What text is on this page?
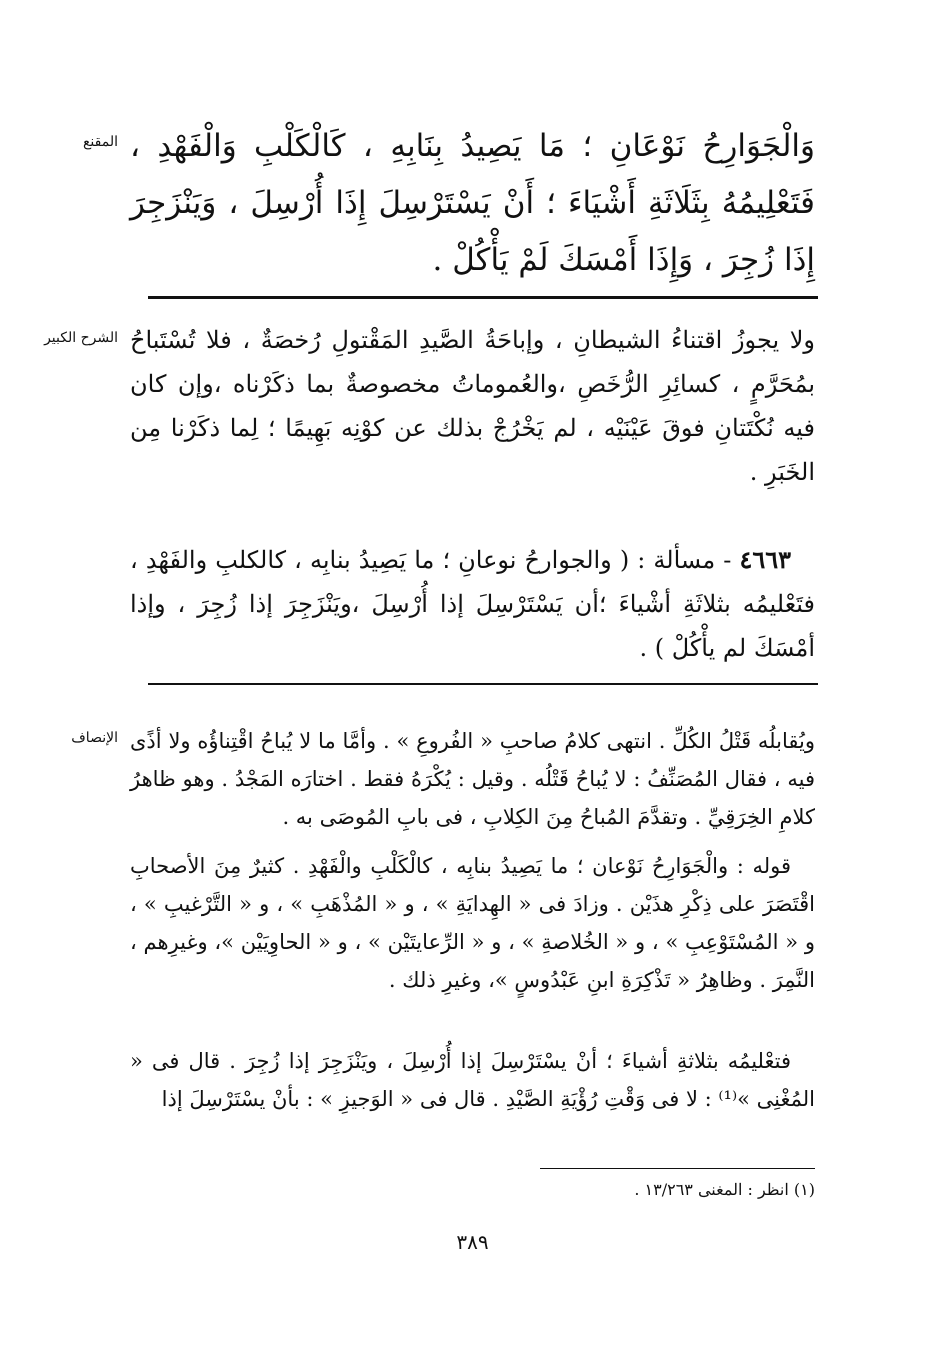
المقنع وَالْجَوَارِحُ نَوْعَانِ ؛ مَا يَصِيدُ بِنَابِهِ ، كَالْكَلْبِ وَالْفَهْدِ ، فَتَعْلِيمُهُ بِثَلَاثَةِ أَشْيَاءَ ؛ أَنْ يَسْتَرْسِلَ إِذَا أُرْسِلَ ، وَيَنْزَجِرَ إِذَا زُجِرَ ، وَإِذَا أَمْسَكَ لَمْ يَأْكُلْ .

الشرح الكبير ولا يجوزُ اقتناءُ الشيطانِ ، وإباحَةُ الصَّيدِ المَقْتولِ رُخصَةٌ ، فلا تُسْتَباحُ بمُحَرَّمٍ ، كسائِرِ الرُّخَصِ ،والعُموماتُ مخصوصةٌ بما ذكَرْناه ،وإن كان فيه نُكْتَتانِ فوقَ عَيْنَيْه ، لم يَخْرُجْ بذلك عن كوْنِه بَهِيمًا ؛ لِما ذكَرْنا مِن الخَبَرِ .

٤٦٦٣ - مسألة : ( والجوارحُ نوعانِ ؛ ما يَصِيدُ بنابِه ، كالكلبِ والفَهْدِ ، فتَعْليمُه بثلاثَةِ أشْياءَ ؛أن يَسْتَرْسِلَ إذا أُرْسِلَ ،ويَنْزَجِرَ إذا زُجِرَ ، وإذا أمْسَكَ لم يأْكُلْ ) .

الإنصاف ويُقابلُه قَتْلُ الكُلِّ . انتهى كلامُ صاحبِ « الفُروعِ » . وأمَّا ما لا يُباحُ اقْتِناؤُه ولا أذًى فيه ، فقال المُصَنِّفُ : لا يُباحُ قَتْلُه . وقيل : يُكْرَهُ فقط . اختارَه المَجْدُ . وهو ظاهرُ كلامِ الخِرَقِيِّ . وتقدَّمَ المُباحُ مِنَ الكِلابِ ، فى بابِ المُوصَى به .

قوله : والْجَوَارِحُ نَوْعان ؛ ما يَصِيدُ بنابِه ، كالْكَلْبِ والْفَهْدِ . كثيرٌ مِنَ الأصحابِ اقْتَصَرَ على ذِكْرِ هذَيْن . وزادَ فى « الهِدايَةِ » ، و « المُذْهَبِ » ، و « التَّرْغيبِ » ، و « المُسْتَوْعِبِ » ، و « الخُلاصةِ » ، و « الرِّعايتَيْن » ، و « الحاوِيَيْن »، وغيرِهم ، النَّمِرَ . وظاهِرُ « تَذْكِرَةِ ابنِ عَبْدُوسٍ »، وغيرِ ذلك .

فتعْليمُه بثلاثةِ أشياءَ ؛ أنْ يسْتَرْسِلَ إذا أُرْسِلَ ، ويَنْزَجِرَ إذا زُجِرَ . قال فى « المُغْنِى »⁽¹⁾ : لا فى وَقْتِ رُؤْيَةِ الصَّيْدِ . قال فى « الوَجيزِ » : بأنْ يسْتَرْسِلَ إذا

(١) انظر : المغنى ١٣/٢٦٣ .
٣٨٩
